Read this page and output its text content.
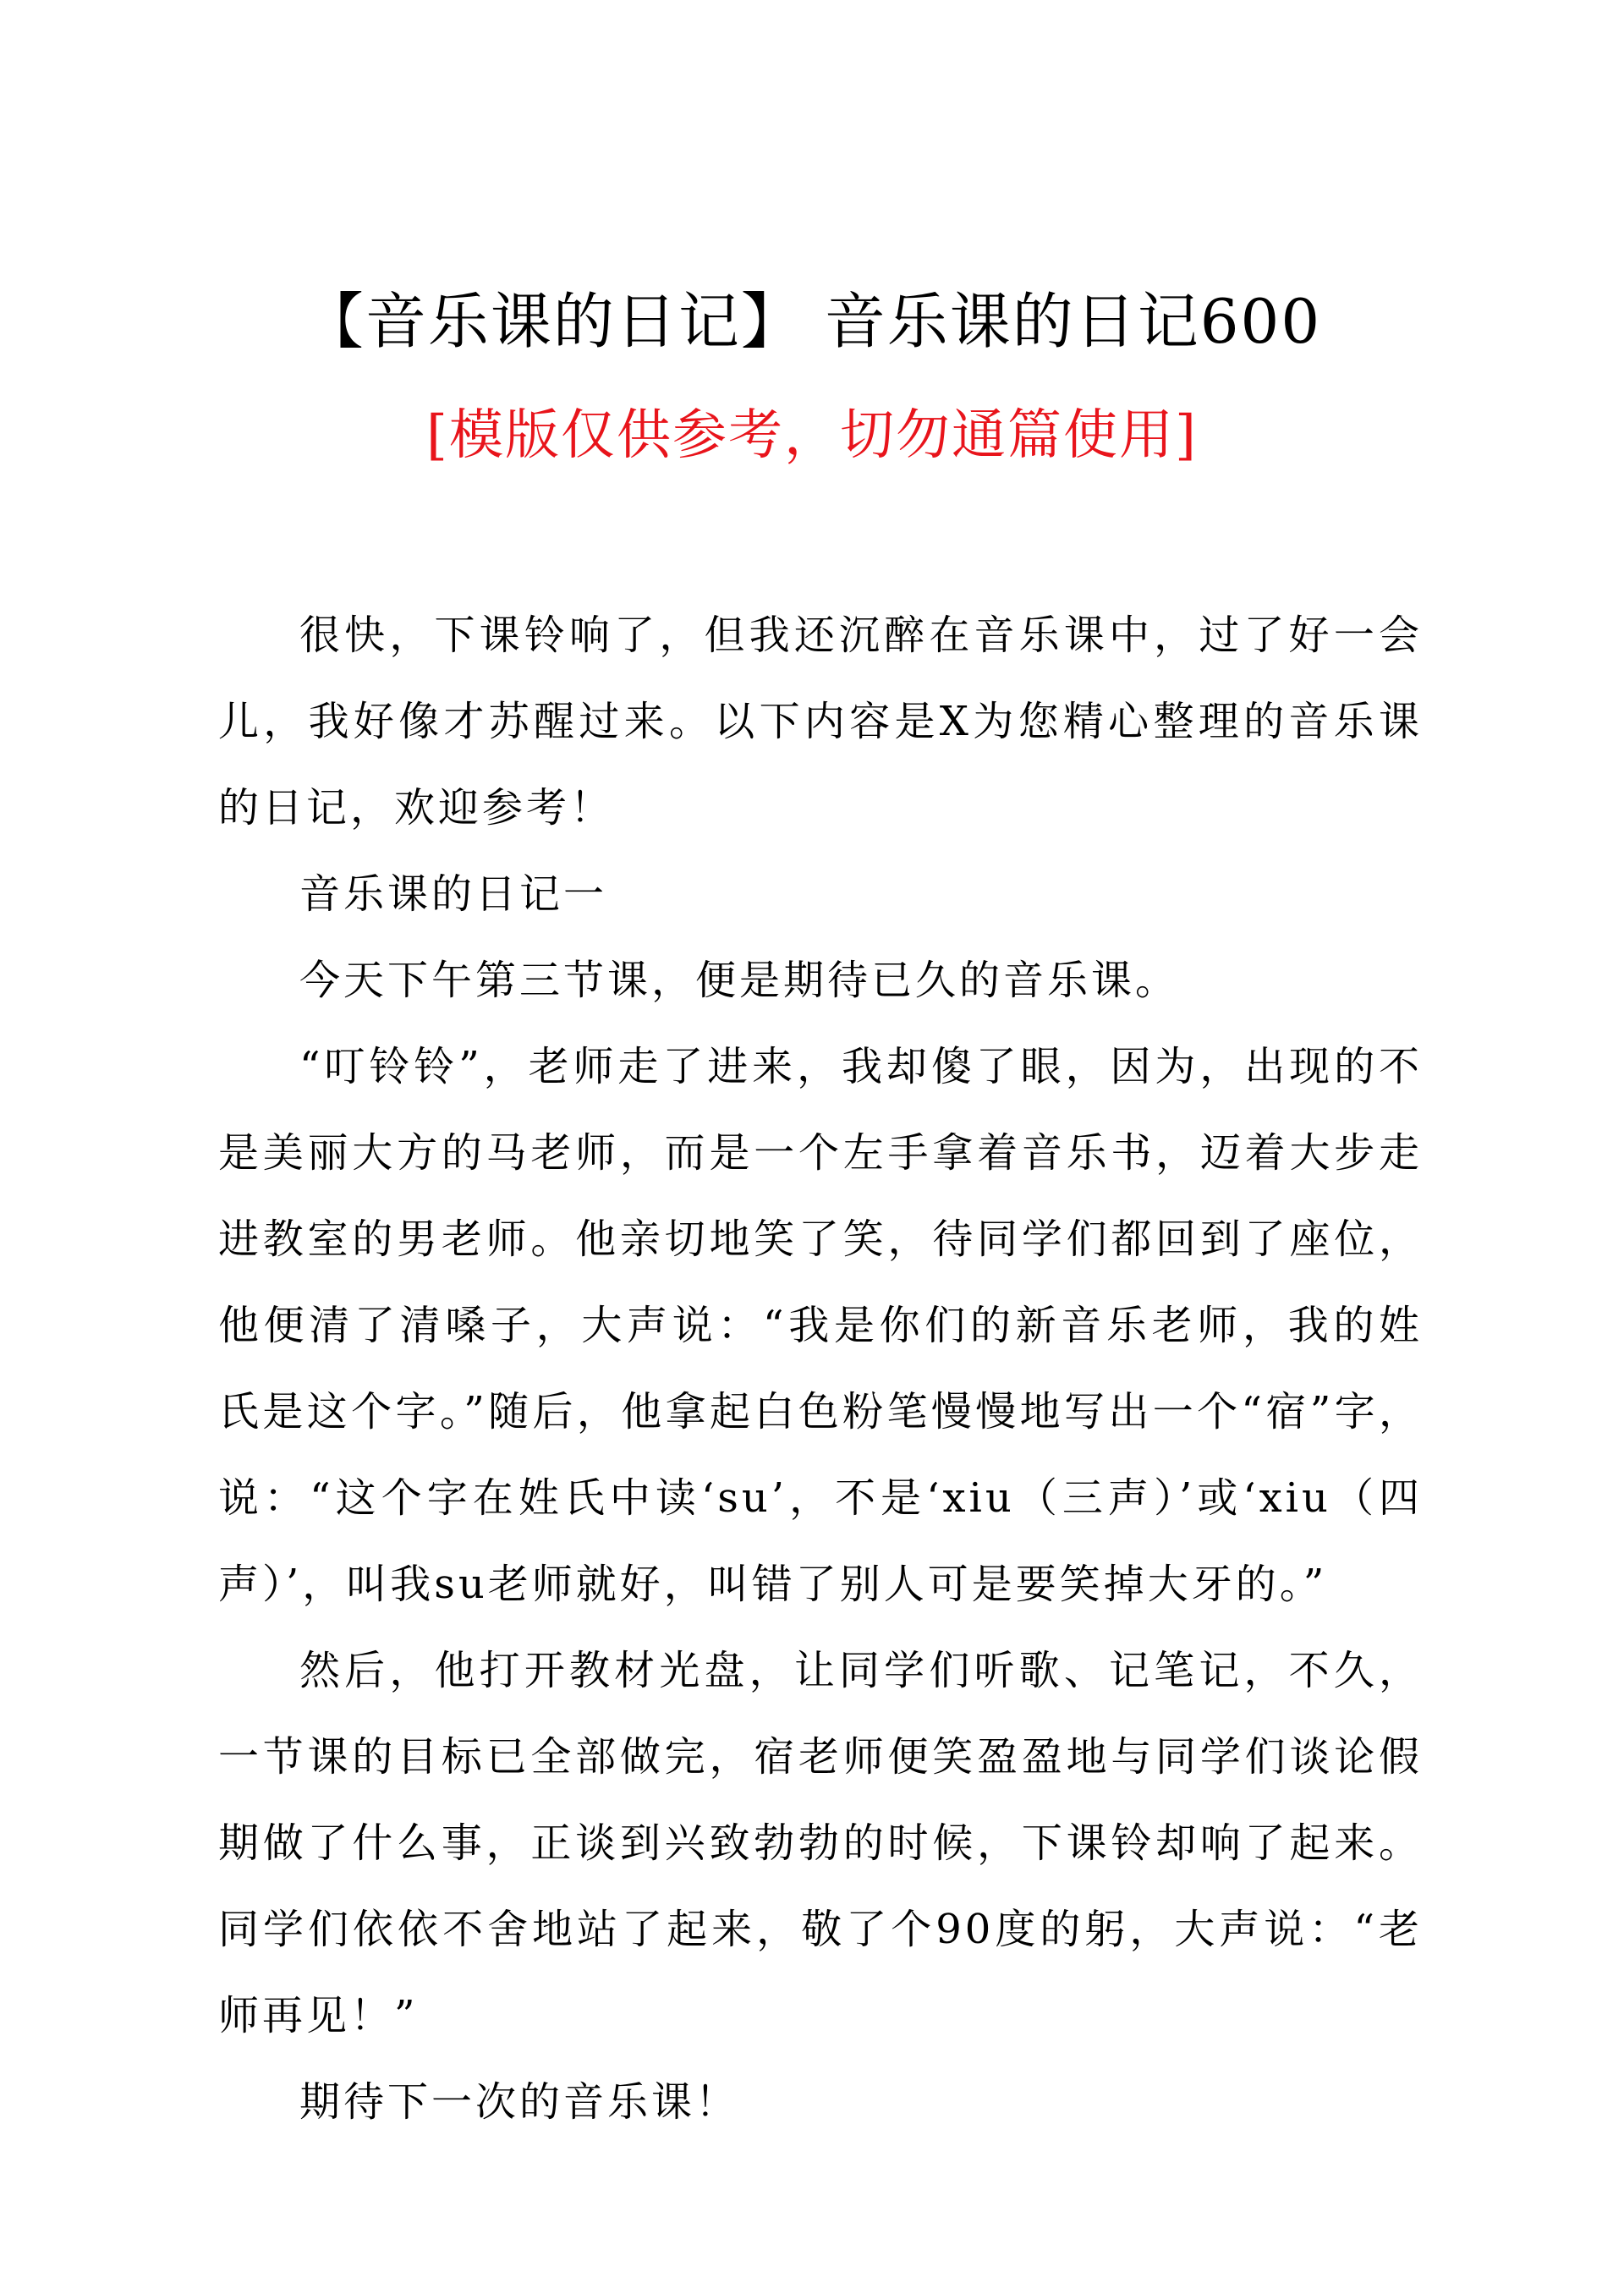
【音乐课的日记】 音乐课的日记600
[模版仅供参考，切勿通篇使用]

很快，下课铃响了，但我还沉醉在音乐课中，过了好一会儿，我好像才苏醒过来。以下内容是X为您精心整理的音乐课的日记，欢迎参考！

音乐课的日记一

今天下午第三节课，便是期待已久的音乐课。

“叮铃铃”，老师走了进来，我却傻了眼，因为，出现的不是美丽大方的马老师，而是一个左手拿着音乐书，迈着大步走进教室的男老师。他亲切地笑了笑，待同学们都回到了座位，他便清了清嗓子，大声说：“我是你们的新音乐老师，我的姓氏是这个字。”随后，他拿起白色粉笔慢慢地写出一个“宿”字，说：“这个字在姓氏中读‘su’，不是‘xiu（三声）’或‘xiu（四声）’，叫我su老师就好，叫错了别人可是要笑掉大牙的。”

然后，他打开教材光盘，让同学们听歌、记笔记，不久，一节课的目标已全部做完，宿老师便笑盈盈地与同学们谈论假期做了什么事，正谈到兴致勃勃的时候，下课铃却响了起来。同学们依依不舍地站了起来，敬了个90度的躬，大声说：“老师再见！”

期待下一次的音乐课！
